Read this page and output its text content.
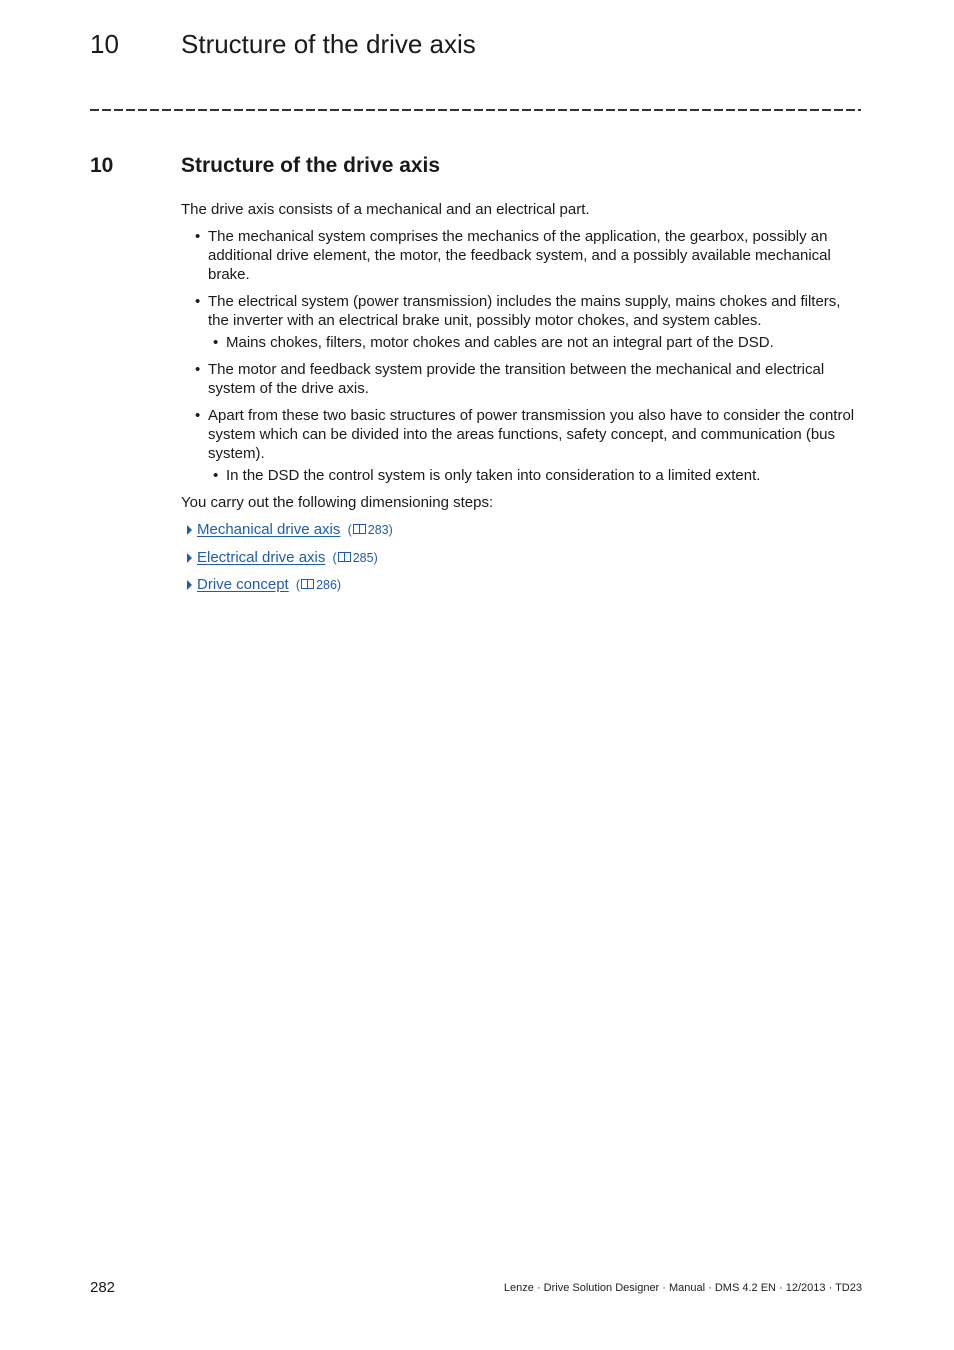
10 Structure of the drive axis
10	Structure of the drive axis

The drive axis consists of a mechanical and an electrical part.

• The mechanical system comprises the mechanics of the application, the gearbox, possibly an additional drive element, the motor, the feedback system, and a possibly available mechanical brake.
• The electrical system (power transmission) includes the mains supply, mains chokes and filters, the inverter with an electrical brake unit, possibly motor chokes, and system cables.
• Mains chokes, filters, motor chokes and cables are not an integral part of the DSD.
• The motor and feedback system provide the transition between the mechanical and electrical system of the drive axis.
• Apart from these two basic structures of power transmission you also have to consider the control system which can be divided into the areas functions, safety concept, and communication (bus system).
• In the DSD the control system is only taken into consideration to a limited extent.

You carry out the following dimensioning steps:

Mechanical drive axis ( 283)
Electrical drive axis ( 285)
Drive concept ( 286)
282	Lenze · Drive Solution Designer · Manual · DMS 4.2 EN · 12/2013 · TD23
